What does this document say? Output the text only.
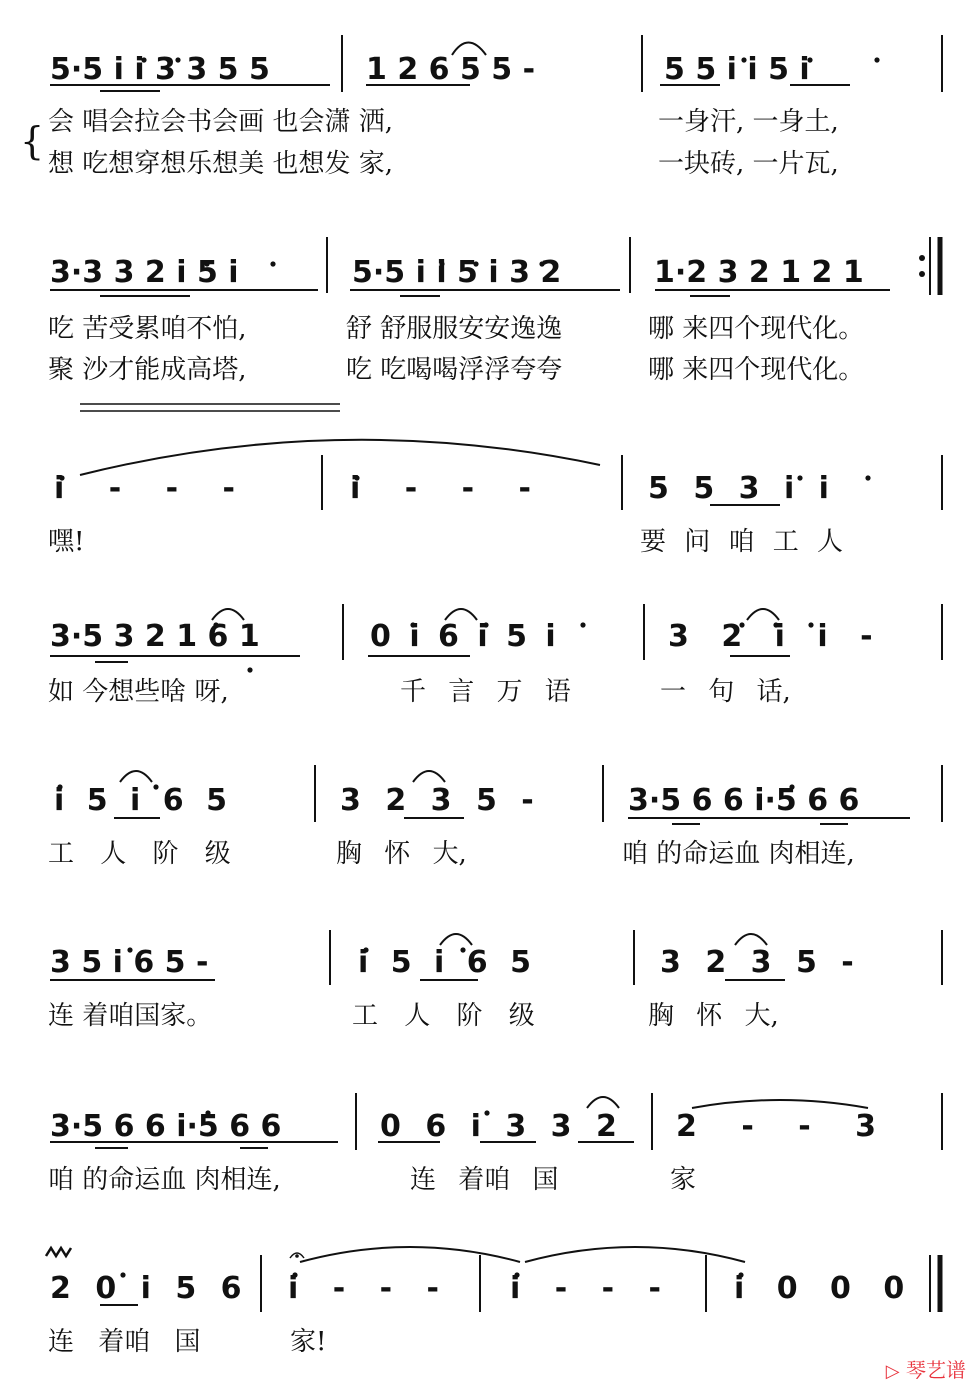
5·5 i i 3 3 5 5	1 2 6 5 5 -	5 5 i i 5 i
{ 会 唱会拉会书会画 也会潇 洒,	一身汗, 一身土,
想 吃想穿想乐想美 也想发 家,	一块砖, 一片瓦,
3·3 3 2 i 5 i	5·5 i i 5 i 3 2	1·2 3 2 1 2 1
吃 苦受累咱不怕,	舒 舒服服安安逸逸	哪 来四个现代化。
聚 沙才能成高塔,	吃 吃喝喝浮浮夸夸	哪 来四个现代化。
i - - -	i - - -	5 5 3 i i
嘿!	要 问 咱 工 人
3·5 3 2 1 6 1	0 i 6 i 5 i	3 2 i i -
如 今想些啥 呀,	千 言 万 语	一 句 话,
i 5 i 6 5	3 2 3 5 -	3·5 6 6 i·5 6 6
工 人 阶 级	胸 怀 大,	咱 的命运血 肉相连,
3 5 i 6 5 -	i 5 i 6 5	3 2 3 5 -
连 着咱国家。	工 人 阶 级	胸 怀 大,
3·5 6 6 i·5 6 6	0 6 i 3 3 2 2 - - 3
咱 的命运血 肉相连,	连 着咱 国	家
2 0 i 5 6 i - - - i - - - i 0 0 0
连 着咱 国	家!
▷ 琴艺谱
